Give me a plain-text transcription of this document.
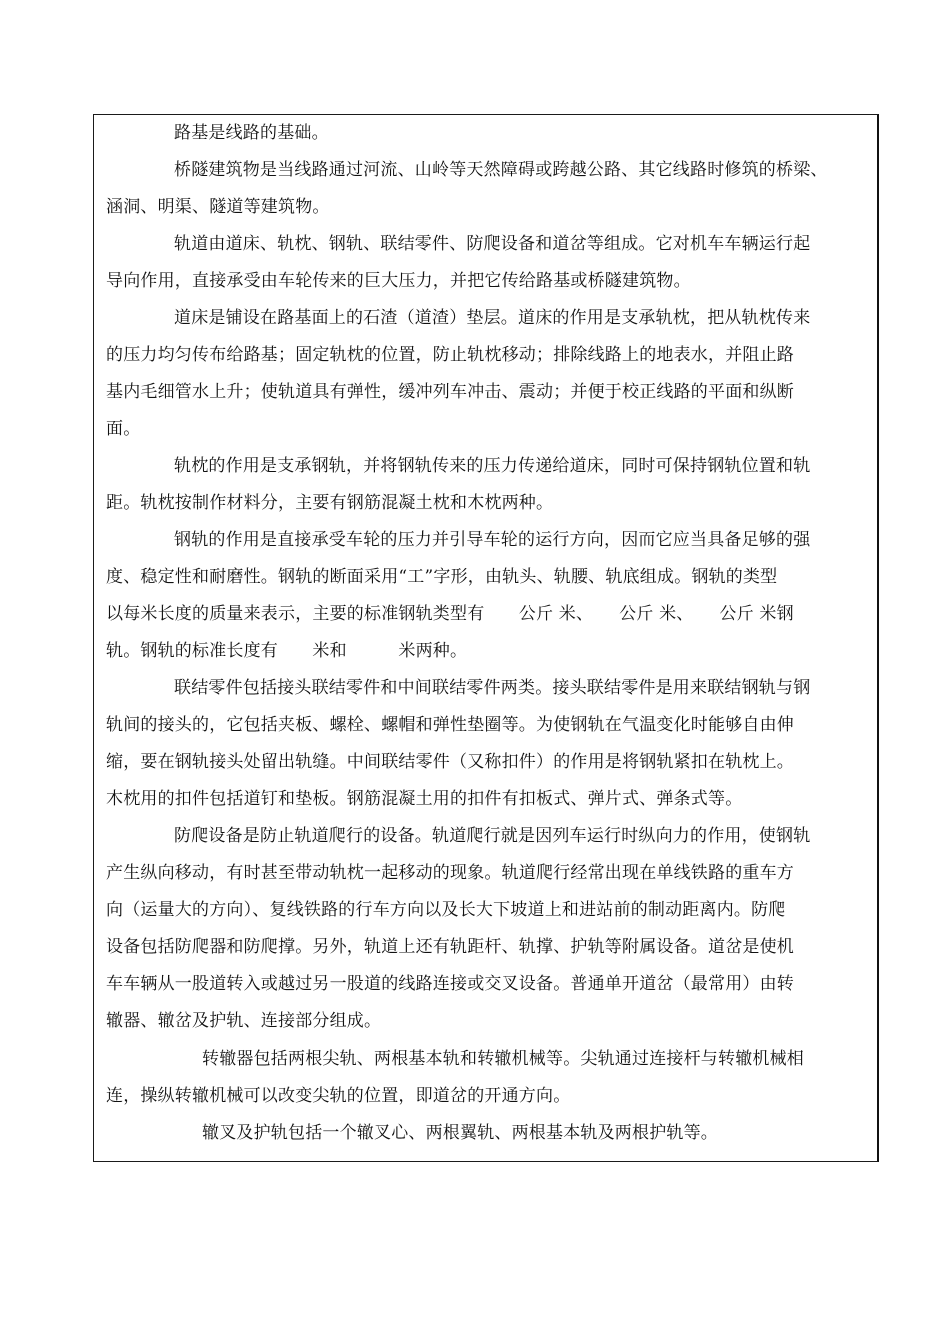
路基是线路的基础。
桥隧建筑物是当线路通过河流、山岭等天然障碍或跨越公路、其它线路时修筑的桥梁、
涵洞、明渠、隧道等建筑物。
轨道由道床、轨枕、钢轨、联结零件、防爬设备和道岔等组成。它对机车车辆运行起
导向作用，直接承受由车轮传来的巨大压力，并把它传给路基或桥隧建筑物。
道床是铺设在路基面上的石渣（道渣）垫层。道床的作用是支承轨枕，把从轨枕传来
的压力均匀传布给路基；固定轨枕的位置，防止轨枕移动；排除线路上的地表水，并阻止路
基内毛细管水上升；使轨道具有弹性，缓冲列车冲击、震动；并便于校正线路的平面和纵断
面。
轨枕的作用是支承钢轨，并将钢轨传来的压力传递给道床，同时可保持钢轨位置和轨
距。轨枕按制作材料分，主要有钢筋混凝土枕和木枕两种。
钢轨的作用是直接承受车轮的压力并引导车轮的运行方向，因而它应当具备足够的强
度、稳定性和耐磨性。钢轨的断面采用“工”字形，由轨头、轨腰、轨底组成。钢轨的类型
以每米长度的质量来表示，主要的标准钢轨类型有　　公斤 米、　　公斤 米、　　公斤 米钢
轨。钢轨的标准长度有　　米和　　　米两种。
联结零件包括接头联结零件和中间联结零件两类。接头联结零件是用来联结钢轨与钢
轨间的接头的，它包括夹板、螺栓、螺帽和弹性垫圈等。为使钢轨在气温变化时能够自由伸
缩，要在钢轨接头处留出轨缝。中间联结零件（又称扣件）的作用是将钢轨紧扣在轨枕上。
木枕用的扣件包括道钉和垫板。钢筋混凝土用的扣件有扣板式、弹片式、弹条式等。
防爬设备是防止轨道爬行的设备。轨道爬行就是因列车运行时纵向力的作用，使钢轨
产生纵向移动，有时甚至带动轨枕一起移动的现象。轨道爬行经常出现在单线铁路的重车方
向（运量大的方向）、复线铁路的行车方向以及长大下坡道上和进站前的制动距离内。防爬
设备包括防爬器和防爬撑。另外，轨道上还有轨距杆、轨撑、护轨等附属设备。道岔是使机
车车辆从一股道转入或越过另一股道的线路连接或交叉设备。普通单开道岔（最常用）由转
辙器、辙岔及护轨、连接部分组成。
转辙器包括两根尖轨、两根基本轨和转辙机械等。尖轨通过连接杆与转辙机械相
连，操纵转辙机械可以改变尖轨的位置，即道岔的开通方向。
辙叉及护轨包括一个辙叉心、两根翼轨、两根基本轨及两根护轨等。
